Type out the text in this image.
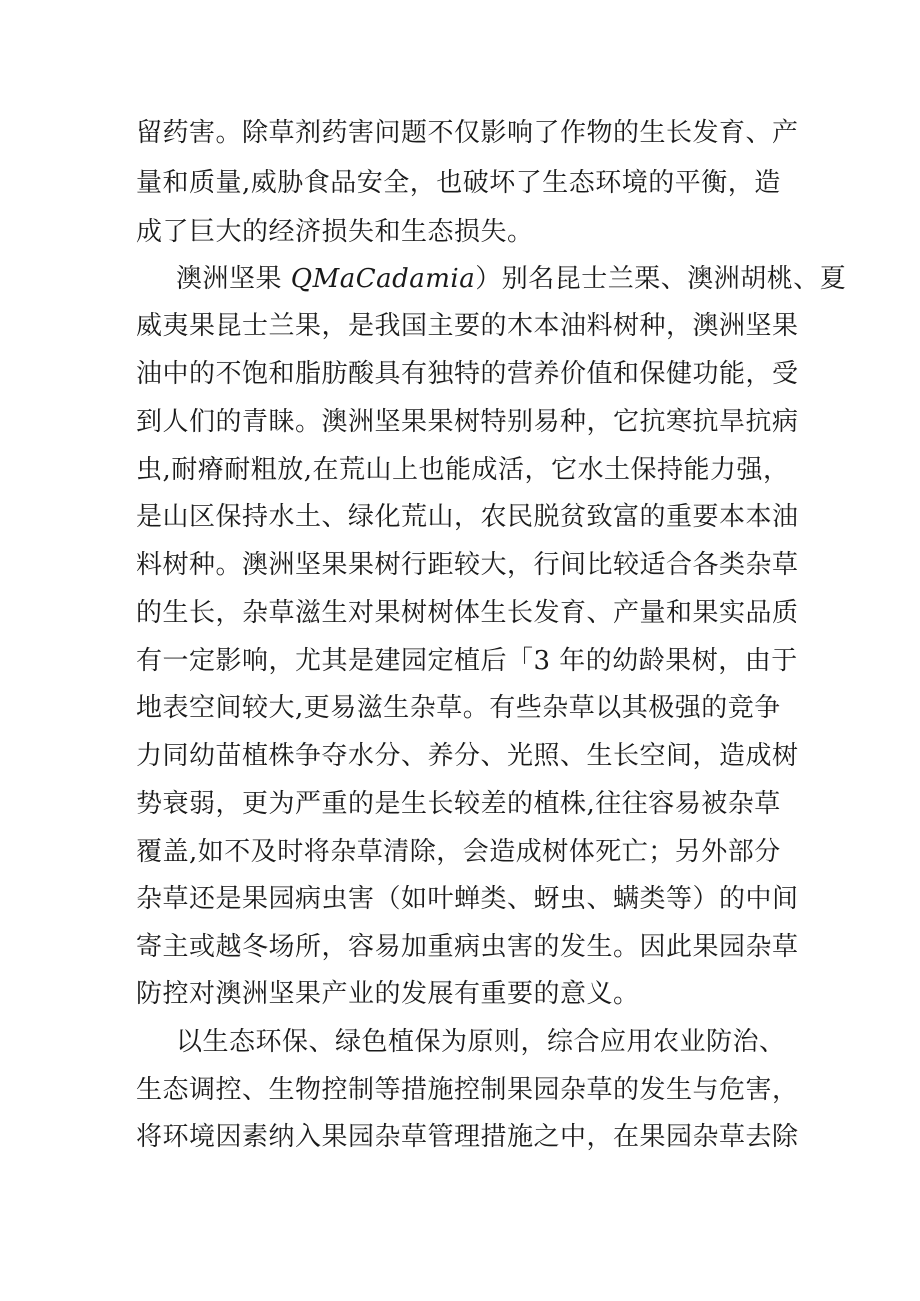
留药害。除草剂药害问题不仅影响了作物的生长发育、产
量和质量,威胁食品安全，也破坏了生态环境的平衡，造
成了巨大的经济损失和生态损失。
澳洲坚果 QMaCadamia）别名昆士兰栗、澳洲胡桃、夏
威夷果昆士兰果，是我国主要的木本油料树种，澳洲坚果
油中的不饱和脂肪酸具有独特的营养价值和保健功能，受
到人们的青睐。澳洲坚果果树特别易种，它抗寒抗旱抗病
虫,耐瘠耐粗放,在荒山上也能成活，它水土保持能力强，
是山区保持水土、绿化荒山，农民脱贫致富的重要本本油
料树种。澳洲坚果果树行距较大，行间比较适合各类杂草
的生长，杂草滋生对果树树体生长发育、产量和果实品质
有一定影响，尤其是建园定植后「3 年的幼龄果树，由于
地表空间较大,更易滋生杂草。有些杂草以其极强的竞争
力同幼苗植株争夺水分、养分、光照、生长空间，造成树
势衰弱，更为严重的是生长较差的植株,往往容易被杂草
覆盖,如不及时将杂草清除，会造成树体死亡；另外部分
杂草还是果园病虫害（如叶蝉类、蚜虫、螨类等）的中间
寄主或越冬场所，容易加重病虫害的发生。因此果园杂草
防控对澳洲坚果产业的发展有重要的意义。
以生态环保、绿色植保为原则，综合应用农业防治、
生态调控、生物控制等措施控制果园杂草的发生与危害，
将环境因素纳入果园杂草管理措施之中，在果园杂草去除
